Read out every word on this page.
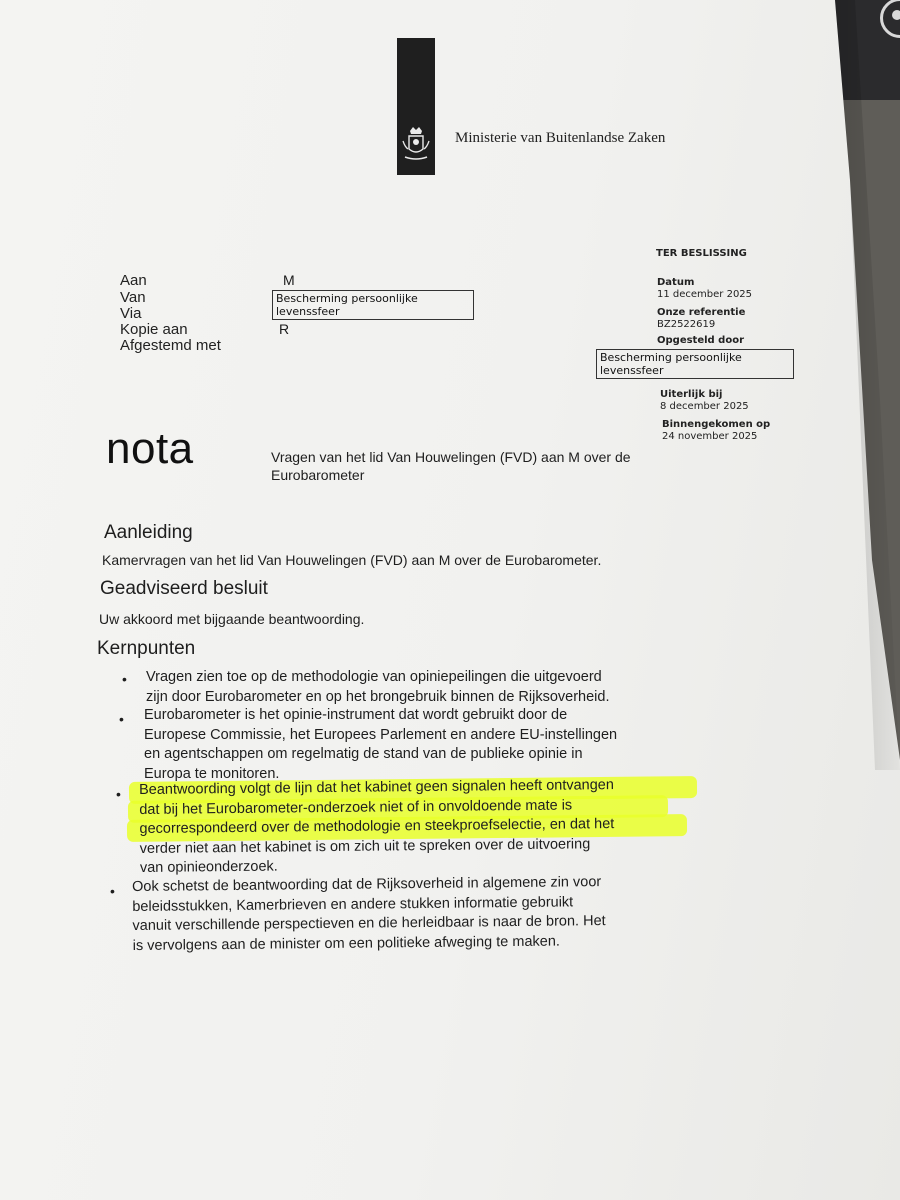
Ministerie van Buitenlandse Zaken
TER BESLISSING
Aan
Van
Via
Kopie aan
Afgestemd met
M
Bescherming persoonlijke levenssfeer
R
Datum
11 december 2025
Onze referentie
BZ2522619
Opgesteld door
Bescherming persoonlijke levenssfeer
Uiterlijk bij
8 december 2025
Binnengekomen op
24 november 2025
nota	Vragen van het lid Van Houwelingen (FVD) aan M over de Eurobarometer
Aanleiding
Kamervragen van het lid Van Houwelingen (FVD) aan M over de Eurobarometer.
Geadviseerd besluit
Uw akkoord met bijgaande beantwoording.
Kernpunten
• Vragen zien toe op de methodologie van opiniepeilingen die uitgevoerd
zijn door Eurobarometer en op het brongebruik binnen de Rijksoverheid.
• Eurobarometer is het opinie-instrument dat wordt gebruikt door de
Europese Commissie, het Europees Parlement en andere EU-instellingen
en agentschappen om regelmatig de stand van de publieke opinie in
Europa te monitoren.
• Beantwoording volgt de lijn dat het kabinet geen signalen heeft ontvangen
dat bij het Eurobarometer-onderzoek niet of in onvoldoende mate is
gecorrespondeerd over de methodologie en steekproefselectie, en dat het
verder niet aan het kabinet is om zich uit te spreken over de uitvoering
van opinieonderzoek.
• Ook schetst de beantwoording dat de Rijksoverheid in algemene zin voor
beleidsstukken, Kamerbrieven en andere stukken informatie gebruikt
vanuit verschillende perspectieven en die herleidbaar is naar de bron. Het
is vervolgens aan de minister om een politieke afweging te maken.
